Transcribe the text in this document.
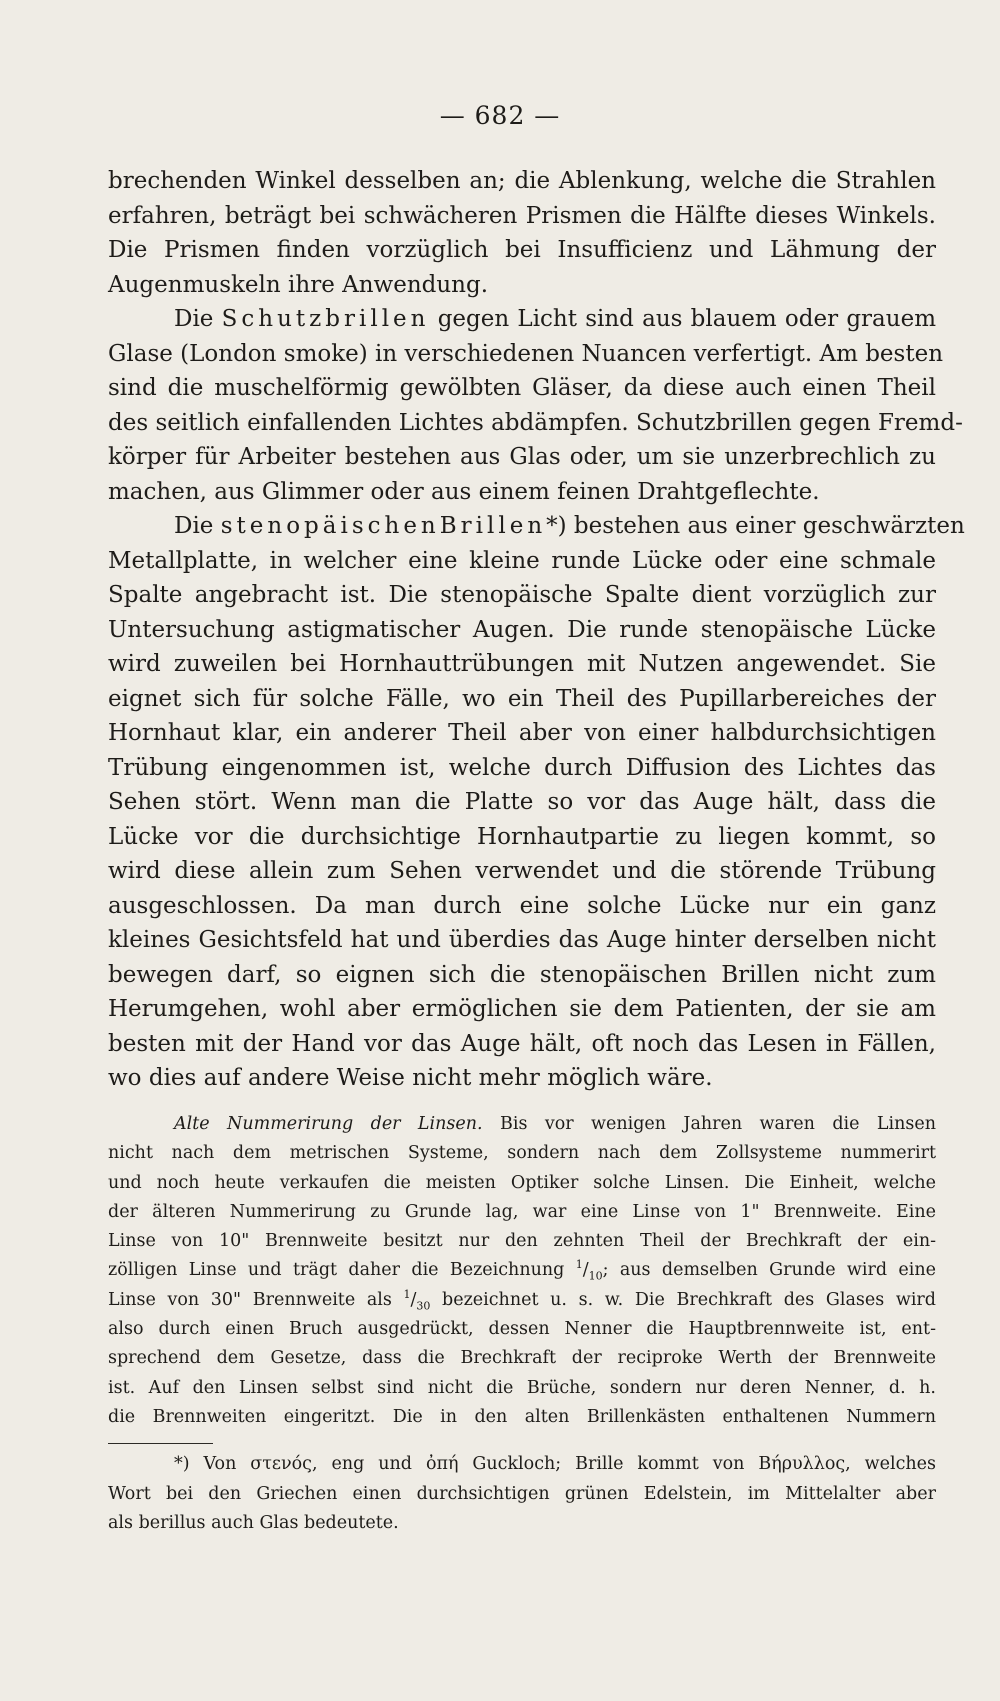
— 682 —
brechenden Winkel desselben an; die Ablenkung, welche die Strahlen
erfahren, beträgt bei schwächeren Prismen die Hälfte dieses Winkels.
Die Prismen finden vorzüglich bei Insufficienz und Lähmung der
Augenmuskeln ihre Anwendung.
Die Schutzbrillen gegen Licht sind aus blauem oder grauem
Glase (London smoke) in verschiedenen Nuancen verfertigt. Am besten
sind die muschelförmig gewölbten Gläser, da diese auch einen Theil
des seitlich einfallenden Lichtes abdämpfen. Schutzbrillen gegen Fremd-
körper für Arbeiter bestehen aus Glas oder, um sie unzerbrechlich zu
machen, aus Glimmer oder aus einem feinen Drahtgeflechte.
Die stenopäischenBrillen*) bestehen aus einer geschwärzten
Metallplatte, in welcher eine kleine runde Lücke oder eine schmale
Spalte angebracht ist. Die stenopäische Spalte dient vorzüglich zur
Untersuchung astigmatischer Augen. Die runde stenopäische Lücke
wird zuweilen bei Hornhauttrübungen mit Nutzen angewendet. Sie
eignet sich für solche Fälle, wo ein Theil des Pupillarbereiches der
Hornhaut klar, ein anderer Theil aber von einer halbdurchsichtigen
Trübung eingenommen ist, welche durch Diffusion des Lichtes das
Sehen stört. Wenn man die Platte so vor das Auge hält, dass die
Lücke vor die durchsichtige Hornhautpartie zu liegen kommt, so
wird diese allein zum Sehen verwendet und die störende Trübung
ausgeschlossen. Da man durch eine solche Lücke nur ein ganz
kleines Gesichtsfeld hat und überdies das Auge hinter derselben nicht
bewegen darf, so eignen sich die stenopäischen Brillen nicht zum
Herumgehen, wohl aber ermöglichen sie dem Patienten, der sie am
besten mit der Hand vor das Auge hält, oft noch das Lesen in Fällen,
wo dies auf andere Weise nicht mehr möglich wäre.
Alte Nummerirung der Linsen. Bis vor wenigen Jahren waren die Linsen
nicht nach dem metrischen Systeme, sondern nach dem Zollsysteme nummerirt
und noch heute verkaufen die meisten Optiker solche Linsen. Die Einheit, welche
der älteren Nummerirung zu Grunde lag, war eine Linse von 1" Brennweite. Eine
Linse von 10" Brennweite besitzt nur den zehnten Theil der Brechkraft der ein-
zölligen Linse und trägt daher die Bezeichnung $^1/_{10}$; aus demselben Grunde wird eine
Linse von 30" Brennweite als $^1/_{30}$ bezeichnet u. s. w. Die Brechkraft des Glases wird
also durch einen Bruch ausgedrückt, dessen Nenner die Hauptbrennweite ist, ent-
sprechend dem Gesetze, dass die Brechkraft der reciproke Werth der Brennweite
ist. Auf den Linsen selbst sind nicht die Brüche, sondern nur deren Nenner, d. h.
die Brennweiten eingeritzt. Die in den alten Brillenkästen enthaltenen Nummern
*) Von στενός, eng und ὀπή Guckloch; Brille kommt von Βήρυλλος, welches
Wort bei den Griechen einen durchsichtigen grünen Edelstein, im Mittelalter aber
als berillus auch Glas bedeutete.
